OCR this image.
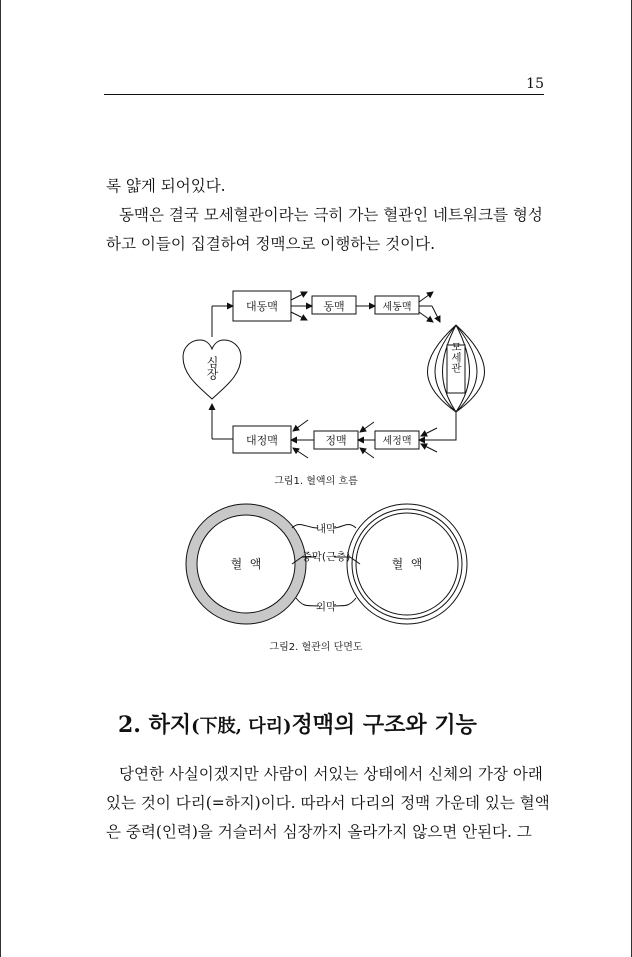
15
록 얇게 되어있다.
동맥은 결국 모세혈관이라는 극히 가는 혈관인 네트워크를 형성
하고 이들이 집결하여 정맥으로 이행하는 것이다.
심장
대동맥	동맥	세동맥
모세관
대정맥	정맥	세정맥
그림1. 혈액의 흐름
혈  액	혈  액
내막
중막(근층)
외막
그림2. 혈관의 단면도
2. 하지(下肢, 다리)정맥의 구조와 기능
당연한 사실이겠지만 사람이 서있는 상태에서 신체의 가장 아래
있는 것이 다리(=하지)이다. 따라서 다리의 정맥 가운데 있는 혈액
은 중력(인력)을 거슬러서 심장까지 올라가지 않으면 안된다. 그
